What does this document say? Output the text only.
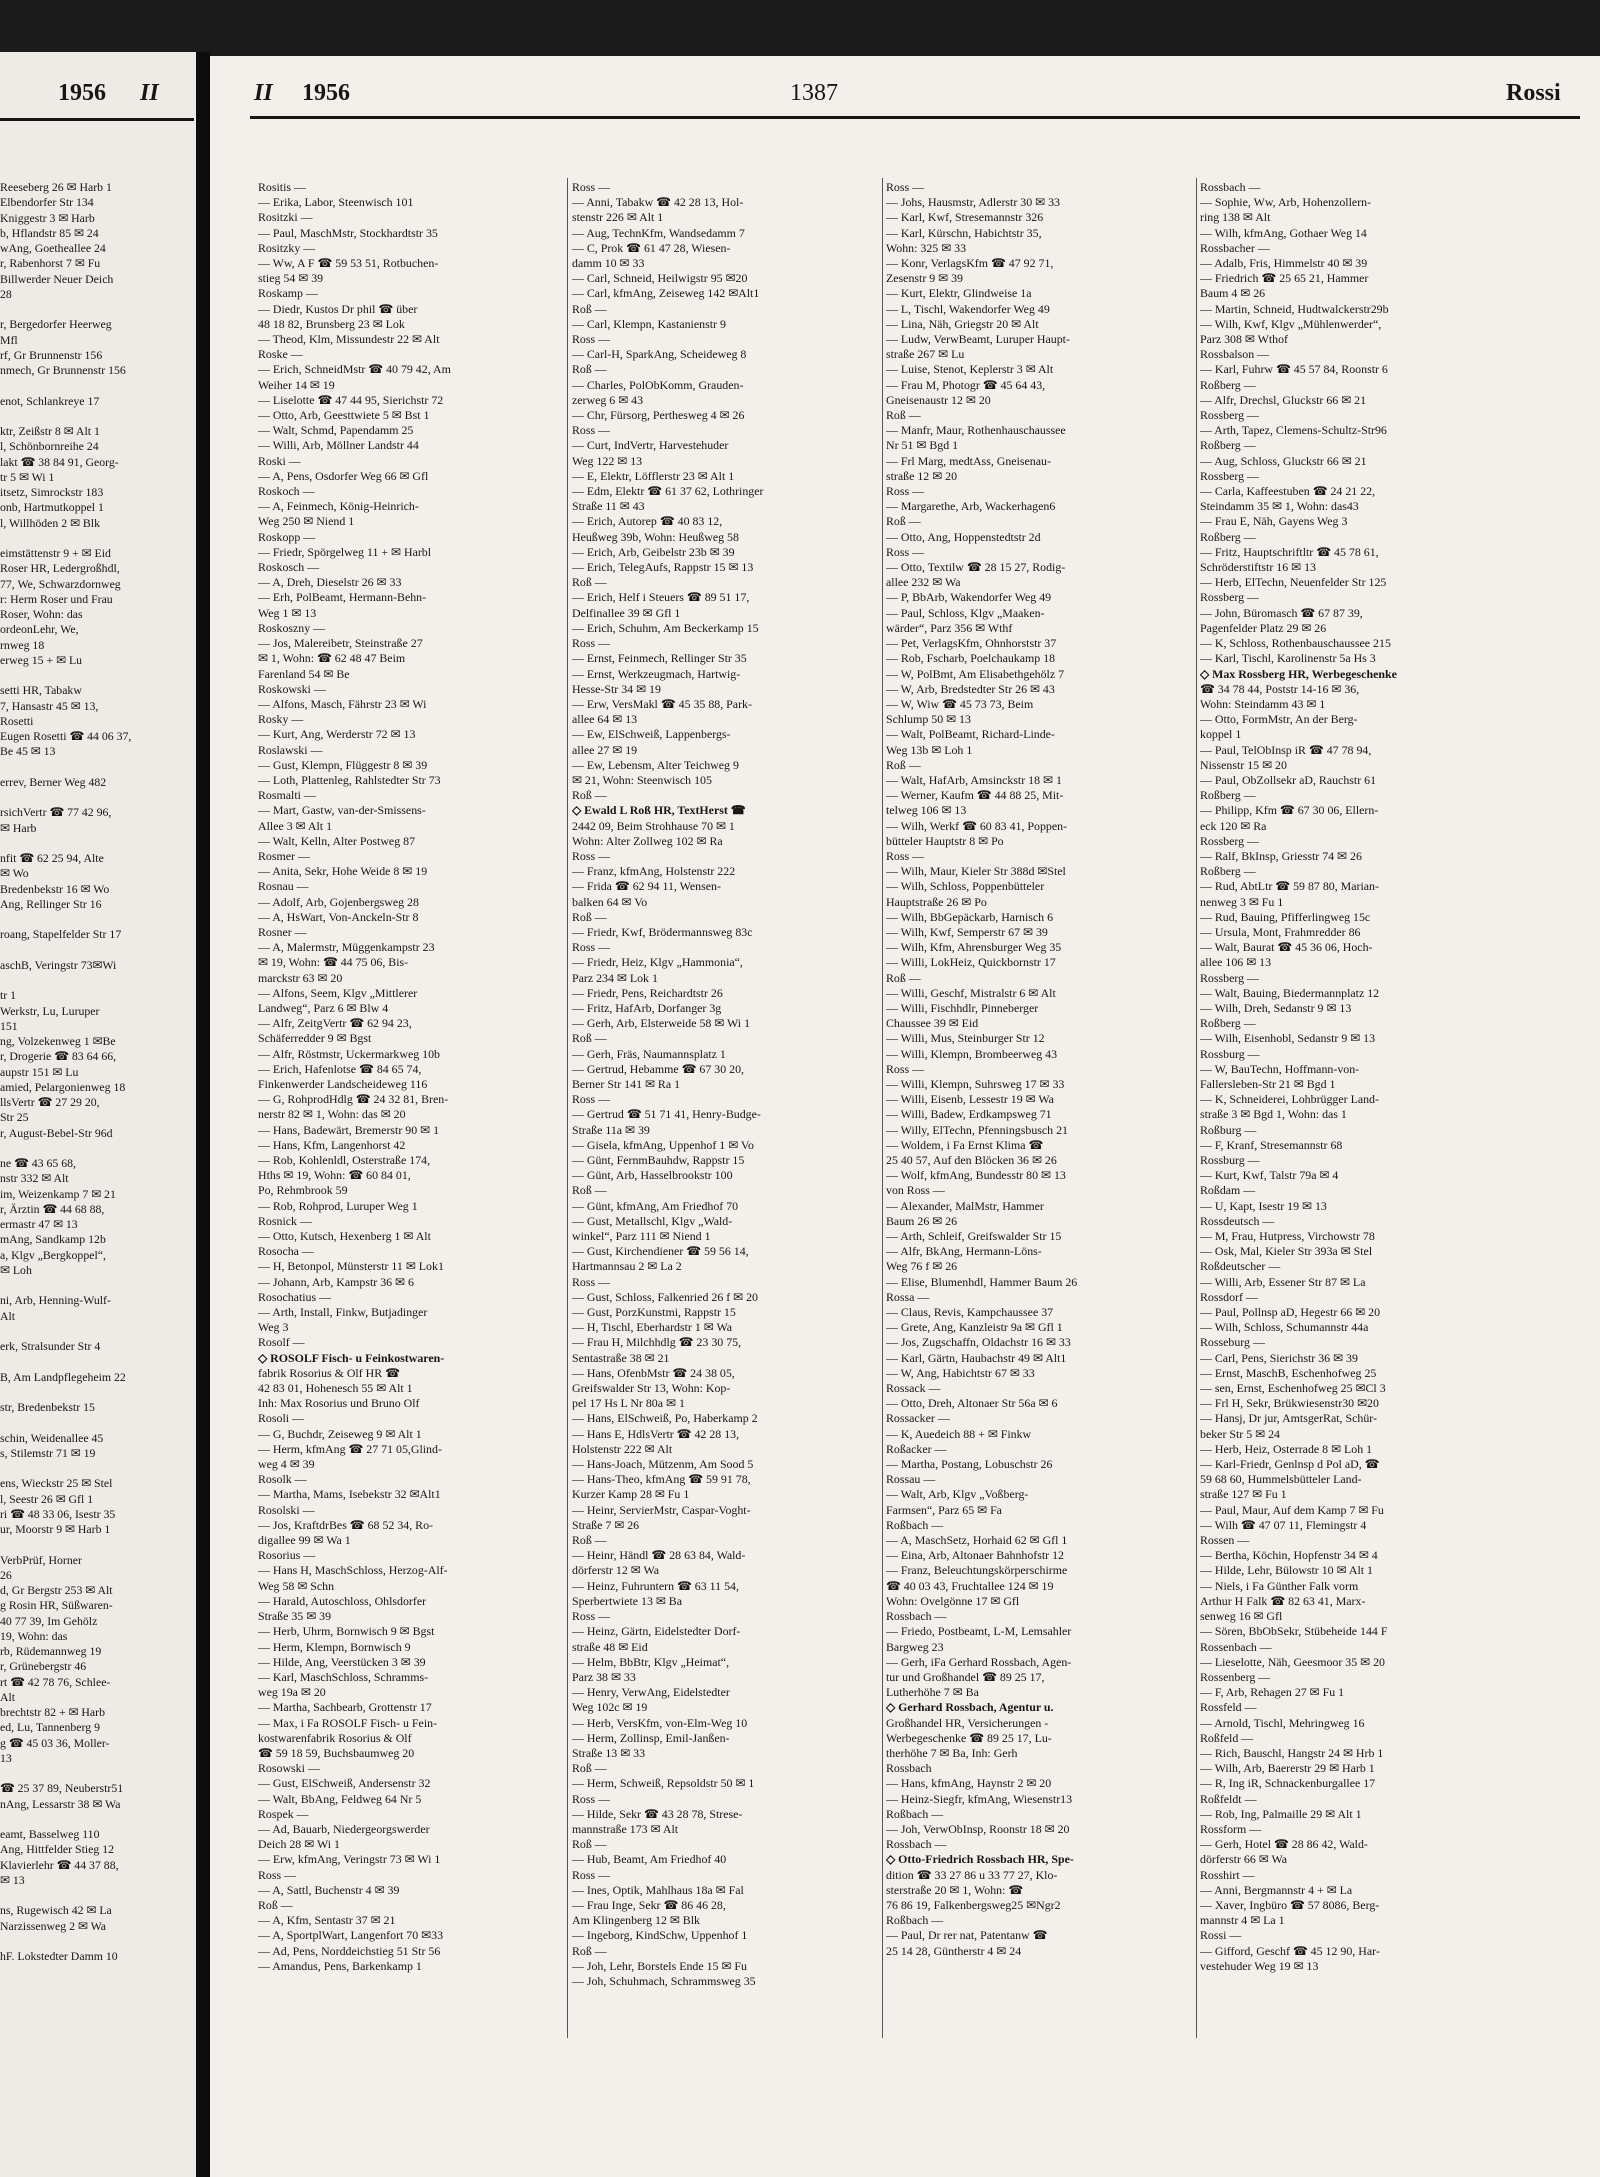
1956 II
Reeseberg 26 ✉ Harb 1
Elbendorfer Str 134
Kniggestr 3 ✉ Harb
b, Hflandstr 85 ✉ 24
wAng, Goetheallee 24
r, Rabenhorst 7 ✉ Fu
Billwerder Neuer Deich
28

r, Bergedorfer Heerweg
Mfl
rf, Gr Brunnenstr 156
nmech, Gr Brunnenstr 156

enot, Schlankreye 17

ktr, Zeißstr 8 ✉ Alt 1
l, Schönbornreihe 24
lakt ☎ 38 84 91, Georg-
tr 5 ✉ Wi 1
itsetz, Simrockstr 183
onb, Hartmutkoppel 1
l, Willhöden 2 ✉ Blk

eimstättenstr 9 + ✉ Eid
Roser HR, Ledergroßhdl,
77, We, Schwarzdornweg
r: Herm Roser und Frau
Roser, Wohn: das
ordeonLehr, We,
rnweg 18
erweg 15 + ✉ Lu

setti HR, Tabakw
7, Hansastr 45 ✉ 13,
Rosetti
Eugen Rosetti ☎ 44 06 37,
Be 45 ✉ 13

errev, Berner Weg 482

rsichVertr ☎ 77 42 96,
✉ Harb

nfit ☎ 62 25 94, Alte
✉ Wo
Bredenbekstr 16 ✉ Wo
Ang, Rellinger Str 16

roang, Stapelfelder Str 17

aschB, Veringstr 73✉Wi

tr 1
Werkstr, Lu, Luruper
151
ng, Volzekenweg 1 ✉Be
r, Drogerie ☎ 83 64 66,
aupstr 151 ✉ Lu
amied, Pelargonienweg 18
llsVertr ☎ 27 29 20,
Str 25
r, August-Bebel-Str 96d

ne ☎ 43 65 68,
nstr 332 ✉ Alt
im, Weizenkamp 7 ✉ 21
r, Ärztin ☎ 44 68 88,
ermastr 47 ✉ 13
mAng, Sandkamp 12b
a, Klgv „Bergkoppel“,
✉ Loh

ni, Arb, Henning-Wulf-
Alt

erk, Stralsunder Str 4

B, Am Landpflegeheim 22

str, Bredenbekstr 15

schin, Weidenallee 45
s, Stilemstr 71 ✉ 19

ens, Wieckstr 25 ✉ Stel
l, Seestr 26 ✉ Gfl 1
ri ☎ 48 33 06, Isestr 35
ur, Moorstr 9 ✉ Harb 1

VerbPrüf, Horner
26
d, Gr Bergstr 253 ✉ Alt
g Rosin HR, Süßwaren-
40 77 39, Im Gehölz
19, Wohn: das
rb, Rüdemannweg 19
r, Grünebergstr 46
rt ☎ 42 78 76, Schlee-
Alt
brechtstr 82 + ✉ Harb
ed, Lu, Tannenberg 9
g ☎ 45 03 36, Moller-
13

☎ 25 37 89, Neuberstr51
nAng, Lessarstr 38 ✉ Wa

eamt, Basselweg 110
Ang, Hittfelder Stieg 12
Klavierlehr ☎ 44 37 88,
✉ 13

ns, Rugewisch 42 ✉ La
Narzissenweg 2 ✉ Wa

hF. Lokstedter Damm 10
II 1956	1387	Rossi
Rositis —
— Erika, Labor, Steenwisch 101
Rositzki —
— Paul, MaschMstr, Stockhardtstr 35
Rositzky —
— Ww, A F ☎ 59 53 51, Rotbuchen-
stieg 54 ✉ 39
Roskamp —
— Diedr, Kustos Dr phil ☎ über
48 18 82, Brunsberg 23 ✉ Lok
— Theod, Klm, Missundestr 22 ✉ Alt
Roske —
— Erich, SchneidMstr ☎ 40 79 42, Am
Weiher 14 ✉ 19
— Liselotte ☎ 47 44 95, Sierichstr 72
— Otto, Arb, Geesttwiete 5 ✉ Bst 1
— Walt, Schmd, Papendamm 25
— Willi, Arb, Möllner Landstr 44
Roski —
— A, Pens, Osdorfer Weg 66 ✉ Gfl
Roskoch —
— A, Feinmech, König-Heinrich-
Weg 250 ✉ Niend 1
Roskopp —
— Friedr, Spörgelweg 11 + ✉ Harbl
Roskosch —
— A, Dreh, Dieselstr 26 ✉ 33
— Erh, PolBeamt, Hermann-Behn-
Weg 1 ✉ 13
Roskoszny —
— Jos, Malereibetr, Steinstraße 27
✉ 1, Wohn: ☎ 62 48 47 Beim
Farenland 54 ✉ Be
Roskowski —
— Alfons, Masch, Fährstr 23 ✉ Wi
Rosky —
— Kurt, Ang, Werderstr 72 ✉ 13
Roslawski —
— Gust, Klempn, Flüggestr 8 ✉ 39
— Loth, Plattenleg, Rahlstedter Str 73
Rosmalti —
— Mart, Gastw, van-der-Smissens-
Allee 3 ✉ Alt 1
— Walt, Kelln, Alter Postweg 87
Rosmer —
— Anita, Sekr, Hohe Weide 8 ✉ 19
Rosnau —
— Adolf, Arb, Gojenbergsweg 28
— A, HsWart, Von-Anckeln-Str 8
Rosner —
— A, Malermstr, Müggenkampstr 23
✉ 19, Wohn: ☎ 44 75 06, Bis-
marckstr 63 ✉ 20
— Alfons, Seem, Klgv „Mittlerer
Landweg“, Parz 6 ✉ Blw 4
— Alfr, ZeitgVertr ☎ 62 94 23,
Schäferredder 9 ✉ Bgst
— Alfr, Röstmstr, Uckermarkweg 10b
— Erich, Hafenlotse ☎ 84 65 74,
Finkenwerder Landscheideweg 116
— G, RohprodHdlg ☎ 24 32 81, Bren-
nerstr 82 ✉ 1, Wohn: das ✉ 20
— Hans, Badewärt, Bremerstr 90 ✉ 1
— Hans, Kfm, Langenhorst 42
— Rob, Kohlenldl, Osterstraße 174,
Hths ✉ 19, Wohn: ☎ 60 84 01,
Po, Rehmbrook 59
— Rob, Rohprod, Luruper Weg 1
Rosnick —
— Otto, Kutsch, Hexenberg 1 ✉ Alt
Rosocha —
— H, Betonpol, Münsterstr 11 ✉ Lok1
— Johann, Arb, Kampstr 36 ✉ 6
Rosochatius —
— Arth, Install, Finkw, Butjadinger
Weg 3
Rosolf —
◇ ROSOLF Fisch- u Feinkostwaren-
fabrik Rosorius & Olf HR ☎
42 83 01, Hohenesch 55 ✉ Alt 1
Inh: Max Rosorius und Bruno Olf
Rosoli —
— G, Buchdr, Zeiseweg 9 ✉ Alt 1
— Herm, kfmAng ☎ 27 71 05,Glind-
weg 4 ✉ 39
Rosolk —
— Martha, Mams, Isebekstr 32 ✉Alt1
Rosolski —
— Jos, KraftdrBes ☎ 68 52 34, Ro-
digallee 99 ✉ Wa 1
Rosorius —
— Hans H, MaschSchloss, Herzog-Alf-
Weg 58 ✉ Schn
— Harald, Autoschloss, Ohlsdorfer
Straße 35 ✉ 39
— Herb, Uhrm, Bornwisch 9 ✉ Bgst
— Herm, Klempn, Bornwisch 9
— Hilde, Ang, Veerstücken 3 ✉ 39
— Karl, MaschSchloss, Schramms-
weg 19a ✉ 20
— Martha, Sachbearb, Grottenstr 17
— Max, i Fa ROSOLF Fisch- u Fein-
kostwarenfabrik Rosorius & Olf
☎ 59 18 59, Buchsbaumweg 20
Rosowski —
— Gust, ElSchweiß, Andersenstr 32
— Walt, BbAng, Feldweg 64 Nr 5
Rospek —
— Ad, Bauarb, Niedergeorgswerder
Deich 28 ✉ Wi 1
— Erw, kfmAng, Veringstr 73 ✉ Wi 1
Ross —
— A, Sattl, Buchenstr 4 ✉ 39
Roß —
— A, Kfm, Sentastr 37 ✉ 21
— A, SportplWart, Langenfort 70 ✉33
— Ad, Pens, Norddeichstieg 51 Str 56
— Amandus, Pens, Barkenkamp 1
Ross —
— Anni, Tabakw ☎ 42 28 13, Hol-
stenstr 226 ✉ Alt 1
— Aug, TechnKfm, Wandsedamm 7
— C, Prok ☎ 61 47 28, Wiesen-
damm 10 ✉ 33
— Carl, Schneid, Heilwigstr 95 ✉20
— Carl, kfmAng, Zeiseweg 142 ✉Alt1
Roß —
— Carl, Klempn, Kastanienstr 9
Ross —
— Carl-H, SparkAng, Scheideweg 8
Roß —
— Charles, PolObKomm, Grauden-
zerweg 6 ✉ 43
— Chr, Fürsorg, Perthesweg 4 ✉ 26
Ross —
— Curt, IndVertr, Harvestehuder
Weg 122 ✉ 13
— E, Elektr, Löfflerstr 23 ✉ Alt 1
— Edm, Elektr ☎ 61 37 62, Lothringer
Straße 11 ✉ 43
— Erich, Autorep ☎ 40 83 12,
Heußweg 39b, Wohn: Heußweg 58
— Erich, Arb, Geibelstr 23b ✉ 39
— Erich, TelegAufs, Rappstr 15 ✉ 13
Roß —
— Erich, Helf i Steuers ☎ 89 51 17,
Delfinallee 39 ✉ Gfl 1
— Erich, Schuhm, Am Beckerkamp 15
Ross —
— Ernst, Feinmech, Rellinger Str 35
— Ernst, Werkzeugmach, Hartwig-
Hesse-Str 34 ✉ 19
— Erw, VersMakl ☎ 45 35 88, Park-
allee 64 ✉ 13
— Ew, ElSchweiß, Lappenbergs-
allee 27 ✉ 19
— Ew, Lebensm, Alter Teichweg 9
✉ 21, Wohn: Steenwisch 105
Roß —
◇ Ewald L Roß HR, TextHerst ☎
2442 09, Beim Strohhause 70 ✉ 1
Wohn: Alter Zollweg 102 ✉ Ra
Ross —
— Franz, kfmAng, Holstenstr 222
— Frida ☎ 62 94 11, Wensen-
balken 64 ✉ Vo
Roß —
— Friedr, Kwf, Brödermannsweg 83c
Ross —
— Friedr, Heiz, Klgv „Hammonia“,
Parz 234 ✉ Lok 1
— Friedr, Pens, Reichardtstr 26
— Fritz, HafArb, Dorfanger 3g
— Gerh, Arb, Elsterweide 58 ✉ Wi 1
Roß —
— Gerh, Fräs, Naumannsplatz 1
— Gertrud, Hebamme ☎ 67 30 20,
Berner Str 141 ✉ Ra 1
Ross —
— Gertrud ☎ 51 71 41, Henry-Budge-
Straße 11a ✉ 39
— Gisela, kfmAng, Uppenhof 1 ✉ Vo
— Günt, FernmBauhdw, Rappstr 15
— Günt, Arb, Hasselbrookstr 100
Roß —
— Günt, kfmAng, Am Friedhof 70
— Gust, Metallschl, Klgv „Wald-
winkel“, Parz 111 ✉ Niend 1
— Gust, Kirchendiener ☎ 59 56 14,
Hartmannsau 2 ✉ La 2
Ross —
— Gust, Schloss, Falkenried 26 f ✉ 20
— Gust, PorzKunstmi, Rappstr 15
— H, Tischl, Eberhardstr 1 ✉ Wa
— Frau H, Milchhdlg ☎ 23 30 75,
Sentastraße 38 ✉ 21
— Hans, OfenbMstr ☎ 24 38 05,
Greifswalder Str 13, Wohn: Kop-
pel 17 Hs L Nr 80a ✉ 1
— Hans, ElSchweiß, Po, Haberkamp 2
— Hans E, HdlsVertr ☎ 42 28 13,
Holstenstr 222 ✉ Alt
— Hans-Joach, Mützenm, Am Sood 5
— Hans-Theo, kfmAng ☎ 59 91 78,
Kurzer Kamp 28 ✉ Fu 1
— Heinr, ServierMstr, Caspar-Voght-
Straße 7 ✉ 26
Roß —
— Heinr, Händl ☎ 28 63 84, Wald-
dörferstr 12 ✉ Wa
— Heinz, Fuhruntern ☎ 63 11 54,
Sperbertwiete 13 ✉ Ba
Ross —
— Heinz, Gärtn, Eidelstedter Dorf-
straße 48 ✉ Eid
— Helm, BbBtr, Klgv „Heimat“,
Parz 38 ✉ 33
— Henry, VerwAng, Eidelstedter
Weg 102c ✉ 19
— Herb, VersKfm, von-Elm-Weg 10
— Herm, Zollinsp, Emil-Janßen-
Straße 13 ✉ 33
Roß —
— Herm, Schweiß, Repsoldstr 50 ✉ 1
Ross —
— Hilde, Sekr ☎ 43 28 78, Strese-
mannstraße 173 ✉ Alt
Roß —
— Hub, Beamt, Am Friedhof 40
Ross —
— Ines, Optik, Mahlhaus 18a ✉ Fal
— Frau Inge, Sekr ☎ 86 46 28,
Am Klingenberg 12 ✉ Blk
— Ingeborg, KindSchw, Uppenhof 1
Roß —
— Joh, Lehr, Borstels Ende 15 ✉ Fu
— Joh, Schuhmach, Schrammsweg 35
Ross —
— Johs, Hausmstr, Adlerstr 30 ✉ 33
— Karl, Kwf, Stresemannstr 326
— Karl, Kürschn, Habichtstr 35,
Wohn: 325 ✉ 33
— Konr, VerlagsKfm ☎ 47 92 71,
Zesenstr 9 ✉ 39
— Kurt, Elektr, Glindweise 1a
— L, Tischl, Wakendorfer Weg 49
— Lina, Näh, Griegstr 20 ✉ Alt
— Ludw, VerwBeamt, Luruper Haupt-
straße 267 ✉ Lu
— Luise, Stenot, Keplerstr 3 ✉ Alt
— Frau M, Photogr ☎ 45 64 43,
Gneisenaustr 12 ✉ 20
Roß —
— Manfr, Maur, Rothenhauschaussee
Nr 51 ✉ Bgd 1
— Frl Marg, medtAss, Gneisenau-
straße 12 ✉ 20
Ross —
— Margarethe, Arb, Wackerhagen6
Roß —
— Otto, Ang, Hoppenstedtstr 2d
Ross —
— Otto, Textilw ☎ 28 15 27, Rodig-
allee 232 ✉ Wa
— P, BbArb, Wakendorfer Weg 49
— Paul, Schloss, Klgv „Maaken-
wärder“, Parz 356 ✉ Wthf
— Pet, VerlagsKfm, Ohnhorststr 37
— Rob, Fscharb, Poelchaukamp 18
— W, PolBmt, Am Elisabethgehölz 7
— W, Arb, Bredstedter Str 26 ✉ 43
— W, Wiw ☎ 45 73 73, Beim
Schlump 50 ✉ 13
— Walt, PolBeamt, Richard-Linde-
Weg 13b ✉ Loh 1
Roß —
— Walt, HafArb, Amsinckstr 18 ✉ 1
— Werner, Kaufm ☎ 44 88 25, Mit-
telweg 106 ✉ 13
— Wilh, Werkf ☎ 60 83 41, Poppen-
bütteler Hauptstr 8 ✉ Po
Ross —
— Wilh, Maur, Kieler Str 388d ✉Stel
— Wilh, Schloss, Poppenbütteler
Hauptstraße 26 ✉ Po
— Wilh, BbGepäckarb, Harnisch 6
— Wilh, Kwf, Semperstr 67 ✉ 39
— Wilh, Kfm, Ahrensburger Weg 35
— Willi, LokHeiz, Quickbornstr 17
Roß —
— Willi, Geschf, Mistralstr 6 ✉ Alt
— Willi, Fischhdlr, Pinneberger
Chaussee 39 ✉ Eid
— Willi, Mus, Steinburger Str 12
— Willi, Klempn, Brombeerweg 43
Ross —
— Willi, Klempn, Suhrsweg 17 ✉ 33
— Willi, Eisenb, Lessestr 19 ✉ Wa
— Willi, Badew, Erdkampsweg 71
— Willy, ElTechn, Pfenningsbusch 21
— Woldem, i Fa Ernst Klima ☎
25 40 57, Auf den Blöcken 36 ✉ 26
— Wolf, kfmAng, Bundesstr 80 ✉ 13
von Ross —
— Alexander, MalMstr, Hammer
Baum 26 ✉ 26
— Arth, Schleif, Greifswalder Str 15
— Alfr, BkAng, Hermann-Löns-
Weg 76 f ✉ 26
— Elise, Blumenhdl, Hammer Baum 26
Rossa —
— Claus, Revis, Kampchaussee 37
— Grete, Ang, Kanzleistr 9a ✉ Gfl 1
— Jos, Zugschaffn, Oldachstr 16 ✉ 33
— Karl, Gärtn, Haubachstr 49 ✉ Alt1
— W, Ang, Habichtstr 67 ✉ 33
Rossack —
— Otto, Dreh, Altonaer Str 56a ✉ 6
Rossacker —
— K, Auedeich 88 + ✉ Finkw
Roßacker —
— Martha, Postang, Lobuschstr 26
Rossau —
— Walt, Arb, Klgv „Voßberg-
Farmsen“, Parz 65 ✉ Fa
Roßbach —
— A, MaschSetz, Horhaid 62 ✉ Gfl 1
— Eina, Arb, Altonaer Bahnhofstr 12
— Franz, Beleuchtungskörperschirme
☎ 40 03 43, Fruchtallee 124 ✉ 19
Wohn: Ovelgönne 17 ✉ Gfl
Rossbach —
— Friedo, Postbeamt, L-M, Lemsahler
Bargweg 23
— Gerh, iFa Gerhard Rossbach, Agen-
tur und Großhandel ☎ 89 25 17,
Lutherhöhe 7 ✉ Ba
◇ Gerhard Rossbach, Agentur u.
Großhandel HR, Versicherungen -
Werbegeschenke ☎ 89 25 17, Lu-
therhöhe 7 ✉ Ba, Inh: Gerh
Rossbach
— Hans, kfmAng, Haynstr 2 ✉ 20
— Heinz-Siegfr, kfmAng, Wiesenstr13
Roßbach —
— Joh, VerwObInsp, Roonstr 18 ✉ 20
Rossbach —
◇ Otto-Friedrich Rossbach HR, Spe-
dition ☎ 33 27 86 u 33 77 27, Klo-
sterstraße 20 ✉ 1, Wohn: ☎
76 86 19, Falkenbergsweg25 ✉Ngr2
Roßbach —
— Paul, Dr rer nat, Patentanw ☎
25 14 28, Güntherstr 4 ✉ 24
Rossbach —
— Sophie, Ww, Arb, Hohenzollern-
ring 138 ✉ Alt
— Wilh, kfmAng, Gothaer Weg 14
Rossbacher —
— Adalb, Fris, Himmelstr 40 ✉ 39
— Friedrich ☎ 25 65 21, Hammer
Baum 4 ✉ 26
— Martin, Schneid, Hudtwalckerstr29b
— Wilh, Kwf, Klgv „Mühlenwerder“,
Parz 308 ✉ Wthof
Rossbalson —
— Karl, Fuhrw ☎ 45 57 84, Roonstr 6
Roßberg —
— Alfr, Drechsl, Gluckstr 66 ✉ 21
Rossberg —
— Arth, Tapez, Clemens-Schultz-Str96
Roßberg —
— Aug, Schloss, Gluckstr 66 ✉ 21
Rossberg —
— Carla, Kaffeestuben ☎ 24 21 22,
Steindamm 35 ✉ 1, Wohn: das43
— Frau E, Näh, Gayens Weg 3
Roßberg —
— Fritz, Hauptschriftltr ☎ 45 78 61,
Schröderstiftstr 16 ✉ 13
— Herb, ElTechn, Neuenfelder Str 125
Rossberg —
— John, Büromasch ☎ 67 87 39,
Pagenfelder Platz 29 ✉ 26
— K, Schloss, Rothenbauschaussee 215
— Karl, Tischl, Karolinenstr 5a Hs 3
◇ Max Rossberg HR, Werbegeschenke
☎ 34 78 44, Poststr 14-16 ✉ 36,
Wohn: Steindamm 43 ✉ 1
— Otto, FormMstr, An der Berg-
koppel 1
— Paul, TelObInsp iR ☎ 47 78 94,
Nissenstr 15 ✉ 20
— Paul, ObZollsekr aD, Rauchstr 61
Roßberg —
— Philipp, Kfm ☎ 67 30 06, Ellern-
eck 120 ✉ Ra
Rossberg —
— Ralf, BkInsp, Griesstr 74 ✉ 26
Roßberg —
— Rud, AbtLtr ☎ 59 87 80, Marian-
nenweg 3 ✉ Fu 1
— Rud, Bauing, Pfifferlingweg 15c
— Ursula, Mont, Frahmredder 86
— Walt, Baurat ☎ 45 36 06, Hoch-
allee 106 ✉ 13
Rossberg —
— Walt, Bauing, Biedermannplatz 12
— Wilh, Dreh, Sedanstr 9 ✉ 13
Roßberg —
— Wilh, Eisenhobl, Sedanstr 9 ✉ 13
Rossburg —
— W, BauTechn, Hoffmann-von-
Fallersleben-Str 21 ✉ Bgd 1
— K, Schneiderei, Lohbrügger Land-
straße 3 ✉ Bgd 1, Wohn: das 1
Roßburg —
— F, Kranf, Stresemannstr 68
Rossburg —
— Kurt, Kwf, Talstr 79a ✉ 4
Roßdam —
— U, Kapt, Isestr 19 ✉ 13
Rossdeutsch —
— M, Frau, Hutpress, Virchowstr 78
— Osk, Mal, Kieler Str 393a ✉ Stel
Roßdeutscher —
— Willi, Arb, Essener Str 87 ✉ La
Rossdorf —
— Paul, Pollnsp aD, Hegestr 66 ✉ 20
— Wilh, Schloss, Schumannstr 44a
Rosseburg —
— Carl, Pens, Sierichstr 36 ✉ 39
— Ernst, MaschB, Eschenhofweg 25
— sen, Ernst, Eschenhofweg 25 ✉Cl 3
— Frl H, Sekr, Brükwiesenstr30 ✉20
— Hansj, Dr jur, AmtsgerRat, Schür-
beker Str 5 ✉ 24
— Herb, Heiz, Osterrade 8 ✉ Loh 1
— Karl-Friedr, Genlnsp d Pol aD, ☎
59 68 60, Hummelsbütteler Land-
straße 127 ✉ Fu 1
— Paul, Maur, Auf dem Kamp 7 ✉ Fu
— Wilh ☎ 47 07 11, Flemingstr 4
Rossen —
— Bertha, Köchin, Hopfenstr 34 ✉ 4
— Hilde, Lehr, Bülowstr 10 ✉ Alt 1
— Niels, i Fa Günther Falk vorm
Arthur H Falk ☎ 82 63 41, Marx-
senweg 16 ✉ Gfl
— Sören, BbObSekr, Stübeheide 144 F
Rossenbach —
— Lieselotte, Näh, Geesmoor 35 ✉ 20
Rossenberg —
— F, Arb, Rehagen 27 ✉ Fu 1
Rossfeld —
— Arnold, Tischl, Mehringweg 16
Roßfeld —
— Rich, Bauschl, Hangstr 24 ✉ Hrb 1
— Wilh, Arb, Baererstr 29 ✉ Harb 1
— R, Ing iR, Schnackenburgallee 17
Roßfeldt —
— Rob, Ing, Palmaille 29 ✉ Alt 1
Rossform —
— Gerh, Hotel ☎ 28 86 42, Wald-
dörferstr 66 ✉ Wa
Rosshirt —
— Anni, Bergmannstr 4 + ✉ La
— Xaver, Ingbüro ☎ 57 8086, Berg-
mannstr 4 ✉ La 1
Rossi —
— Gifford, Geschf ☎ 45 12 90, Har-
vestehuder Weg 19 ✉ 13
